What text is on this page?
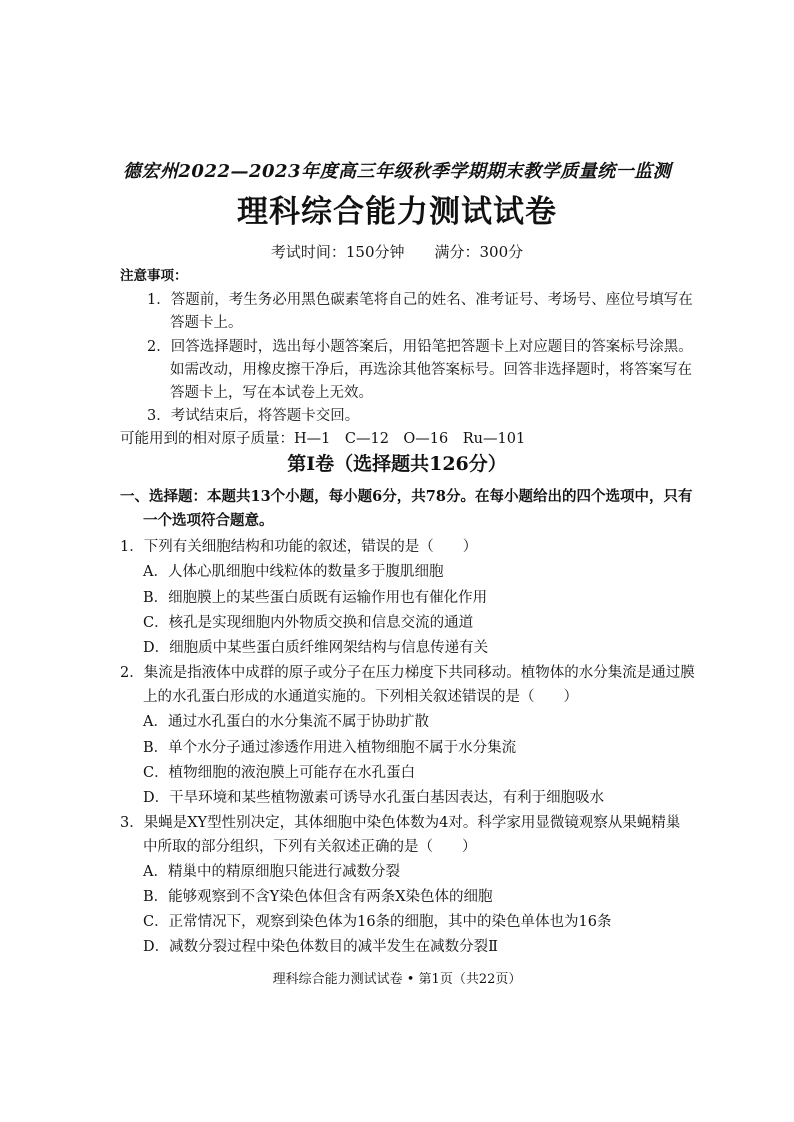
德宏州2022—2023年度高三年级秋季学期期末教学质量统一监测
理科综合能力测试试卷
考试时间：150分钟 满分：300分
注意事项：
1．答题前，考生务必用黑色碳素笔将自己的姓名、准考证号、考场号、座位号填写在
答题卡上。
2．回答选择题时，选出每小题答案后，用铅笔把答题卡上对应题目的答案标号涂黑。
如需改动，用橡皮擦干净后，再选涂其他答案标号。回答非选择题时，将答案写在
答题卡上，写在本试卷上无效。
3．考试结束后，将答题卡交回。
可能用到的相对原子质量：H—1　C—12　O—16　Ru—101
第Ⅰ卷（选择题共126分）
一、选择题：本题共13个小题，每小题6分，共78分。在每小题给出的四个选项中，只有
一个选项符合题意。
1．下列有关细胞结构和功能的叙述，错误的是（　　）
A．人体心肌细胞中线粒体的数量多于腹肌细胞
B．细胞膜上的某些蛋白质既有运输作用也有催化作用
C．核孔是实现细胞内外物质交换和信息交流的通道
D．细胞质中某些蛋白质纤维网架结构与信息传递有关
2．集流是指液体中成群的原子或分子在压力梯度下共同移动。植物体的水分集流是通过膜
上的水孔蛋白形成的水通道实施的。下列相关叙述错误的是（　　）
A．通过水孔蛋白的水分集流不属于协助扩散
B．单个水分子通过渗透作用进入植物细胞不属于水分集流
C．植物细胞的液泡膜上可能存在水孔蛋白
D．干旱环境和某些植物激素可诱导水孔蛋白基因表达，有利于细胞吸水
3．果蝇是XY型性别决定，其体细胞中染色体数为4对。科学家用显微镜观察从果蝇精巢
中所取的部分组织，下列有关叙述正确的是（　　）
A．精巢中的精原细胞只能进行减数分裂
B．能够观察到不含Y染色体但含有两条X染色体的细胞
C．正常情况下，观察到染色体为16条的细胞，其中的染色单体也为16条
D．减数分裂过程中染色体数目的减半发生在减数分裂Ⅱ
理科综合能力测试试卷 • 第1页（共22页）
